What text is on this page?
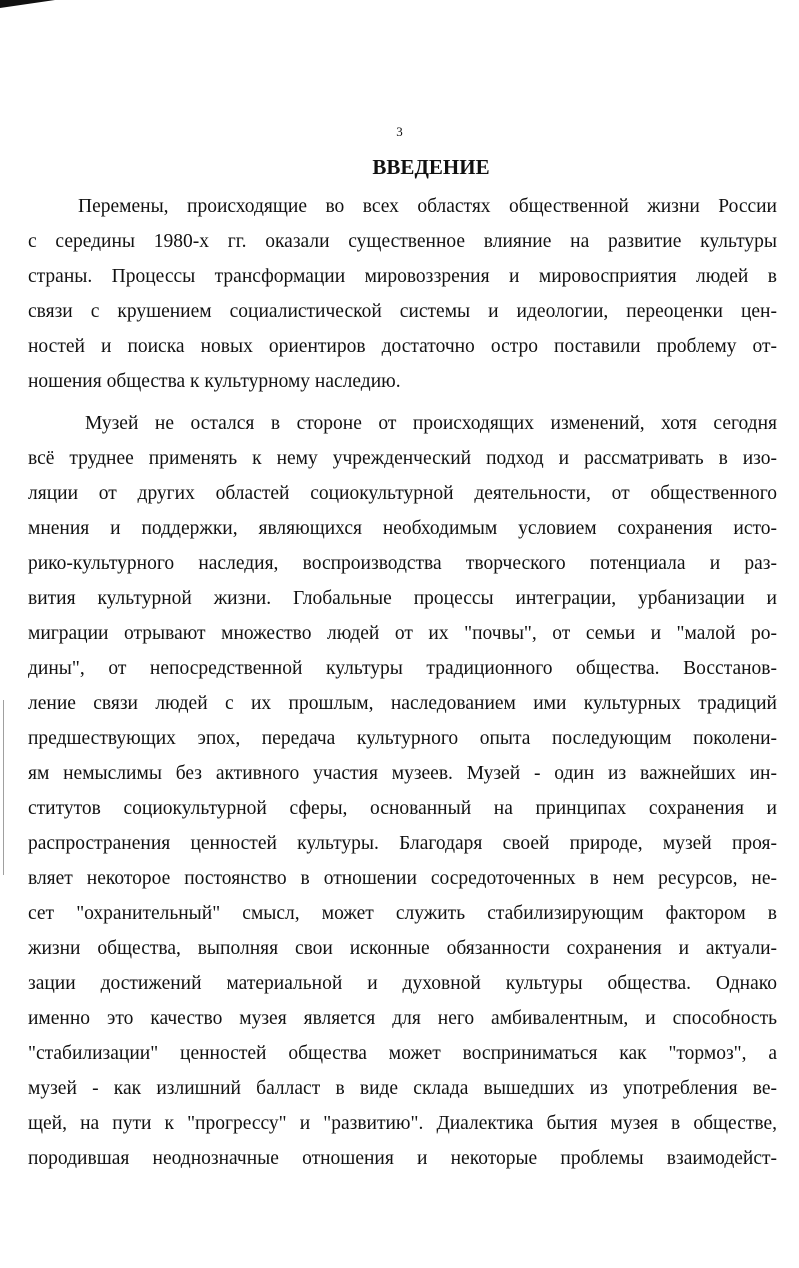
3
ВВЕДЕНИЕ
Перемены, происходящие во всех областях общественной жизни России
с середины 1980-х гг. оказали существенное влияние на развитие культуры
страны. Процессы трансформации мировоззрения и мировосприятия людей в
связи с крушением социалистической системы и идеологии, переоценки цен-
ностей и поиска новых ориентиров достаточно остро поставили проблему от-
ношения общества к культурному наследию.
Музей не остался в стороне от происходящих изменений, хотя сегодня
всё труднее применять к нему учрежденческий подход и рассматривать в изо-
ляции от других областей социокультурной деятельности, от общественного
мнения и поддержки, являющихся необходимым условием сохранения исто-
рико-культурного наследия, воспроизводства творческого потенциала и раз-
вития культурной жизни. Глобальные процессы интеграции, урбанизации и
миграции отрывают множество людей от их "почвы", от семьи и "малой ро-
дины", от непосредственной культуры традиционного общества. Восстанов-
ление связи людей с их прошлым, наследованием ими культурных традиций
предшествующих эпох, передача культурного опыта последующим поколени-
ям немыслимы без активного участия музеев. Музей - один из важнейших ин-
ститутов социокультурной сферы, основанный на принципах сохранения и
распространения ценностей культуры. Благодаря своей природе, музей проя-
вляет некоторое постоянство в отношении сосредоточенных в нем ресурсов, не-
сет "охранительный" смысл, может служить стабилизирующим фактором в
жизни общества, выполняя свои исконные обязанности сохранения и актуали-
зации достижений материальной и духовной культуры общества. Однако
именно это качество музея является для него амбивалентным, и способность
"стабилизации" ценностей общества может восприниматься как "тормоз", а
музей - как излишний балласт в виде склада вышедших из употребления ве-
щей, на пути к "прогрессу" и "развитию". Диалектика бытия музея в обществе,
породившая неоднозначные отношения и некоторые проблемы взаимодейст-
